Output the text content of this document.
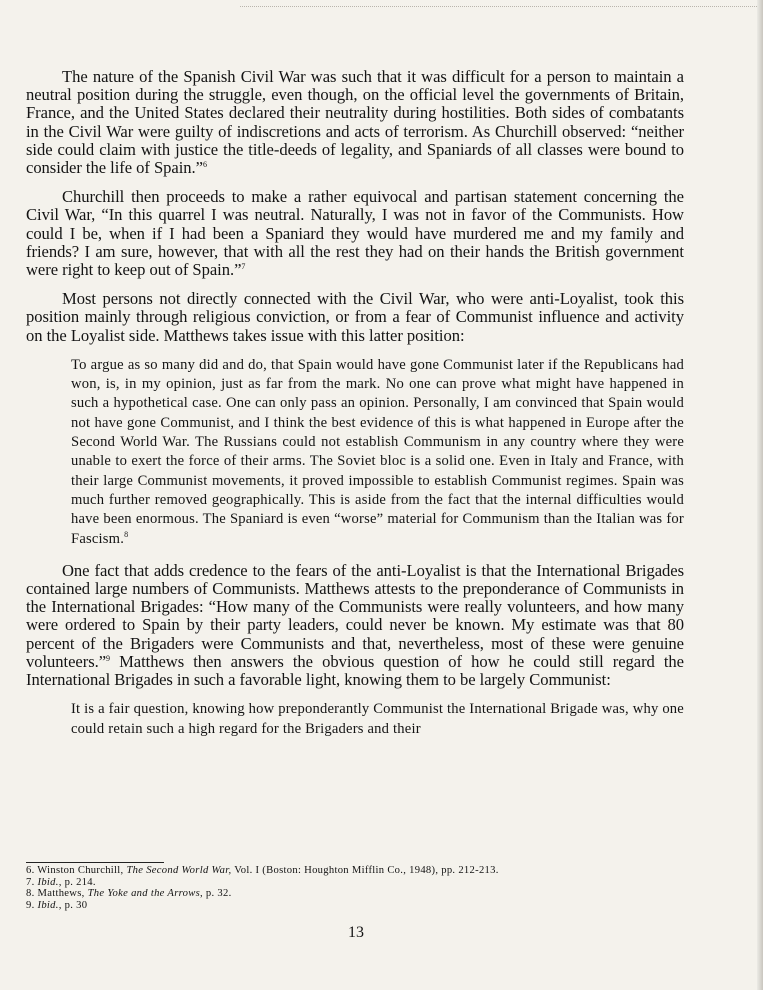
The nature of the Spanish Civil War was such that it was difficult for a person to maintain a neutral position during the struggle, even though, on the official level the governments of Britain, France, and the United States declared their neutrality during hostilities. Both sides of combatants in the Civil War were guilty of indiscretions and acts of terrorism. As Churchill observed: “neither side could claim with justice the title-deeds of legality, and Spaniards of all classes were bound to consider the life of Spain.”$^6$

Churchill then proceeds to make a rather equivocal and partisan statement concerning the Civil War, “In this quarrel I was neutral. Naturally, I was not in favor of the Communists. How could I be, when if I had been a Spaniard they would have murdered me and my family and friends? I am sure, however, that with all the rest they had on their hands the British government were right to keep out of Spain.”$^7$

Most persons not directly connected with the Civil War, who were anti-Loyalist, took this position mainly through religious conviction, or from a fear of Communist influence and activity on the Loyalist side. Matthews takes issue with this latter position:

To argue as so many did and do, that Spain would have gone Communist later if the Republicans had won, is, in my opinion, just as far from the mark. No one can prove what might have happened in such a hypothetical case. One can only pass an opinion. Personally, I am convinced that Spain would not have gone Communist, and I think the best evidence of this is what happened in Europe after the Second World War. The Russians could not establish Communism in any country where they were unable to exert the force of their arms. The Soviet bloc is a solid one. Even in Italy and France, with their large Communist movements, it proved impossible to establish Communist regimes. Spain was much further removed geographically. This is aside from the fact that the internal difficulties would have been enormous. The Spaniard is even “worse” material for Communism than the Italian was for Fascism.$^8$

One fact that adds credence to the fears of the anti-Loyalist is that the International Brigades contained large numbers of Communists. Matthews attests to the preponderance of Communists in the International Brigades: “How many of the Communists were really volunteers, and how many were ordered to Spain by their party leaders, could never be known. My estimate was that 80 percent of the Brigaders were Communists and that, nevertheless, most of these were genuine volunteers.”$^9$ Matthews then answers the obvious question of how he could still regard the International Brigades in such a favorable light, knowing them to be largely Communist:

It is a fair question, knowing how preponderantly Communist the International Brigade was, why one could retain such a high regard for the Brigaders and their

6. Winston Churchill, The Second World War, Vol. I (Boston: Houghton Mifflin Co., 1948), pp. 212-213.
7. Ibid., p. 214.
8. Matthews, The Yoke and the Arrows, p. 32.
9. Ibid., p. 30
13
